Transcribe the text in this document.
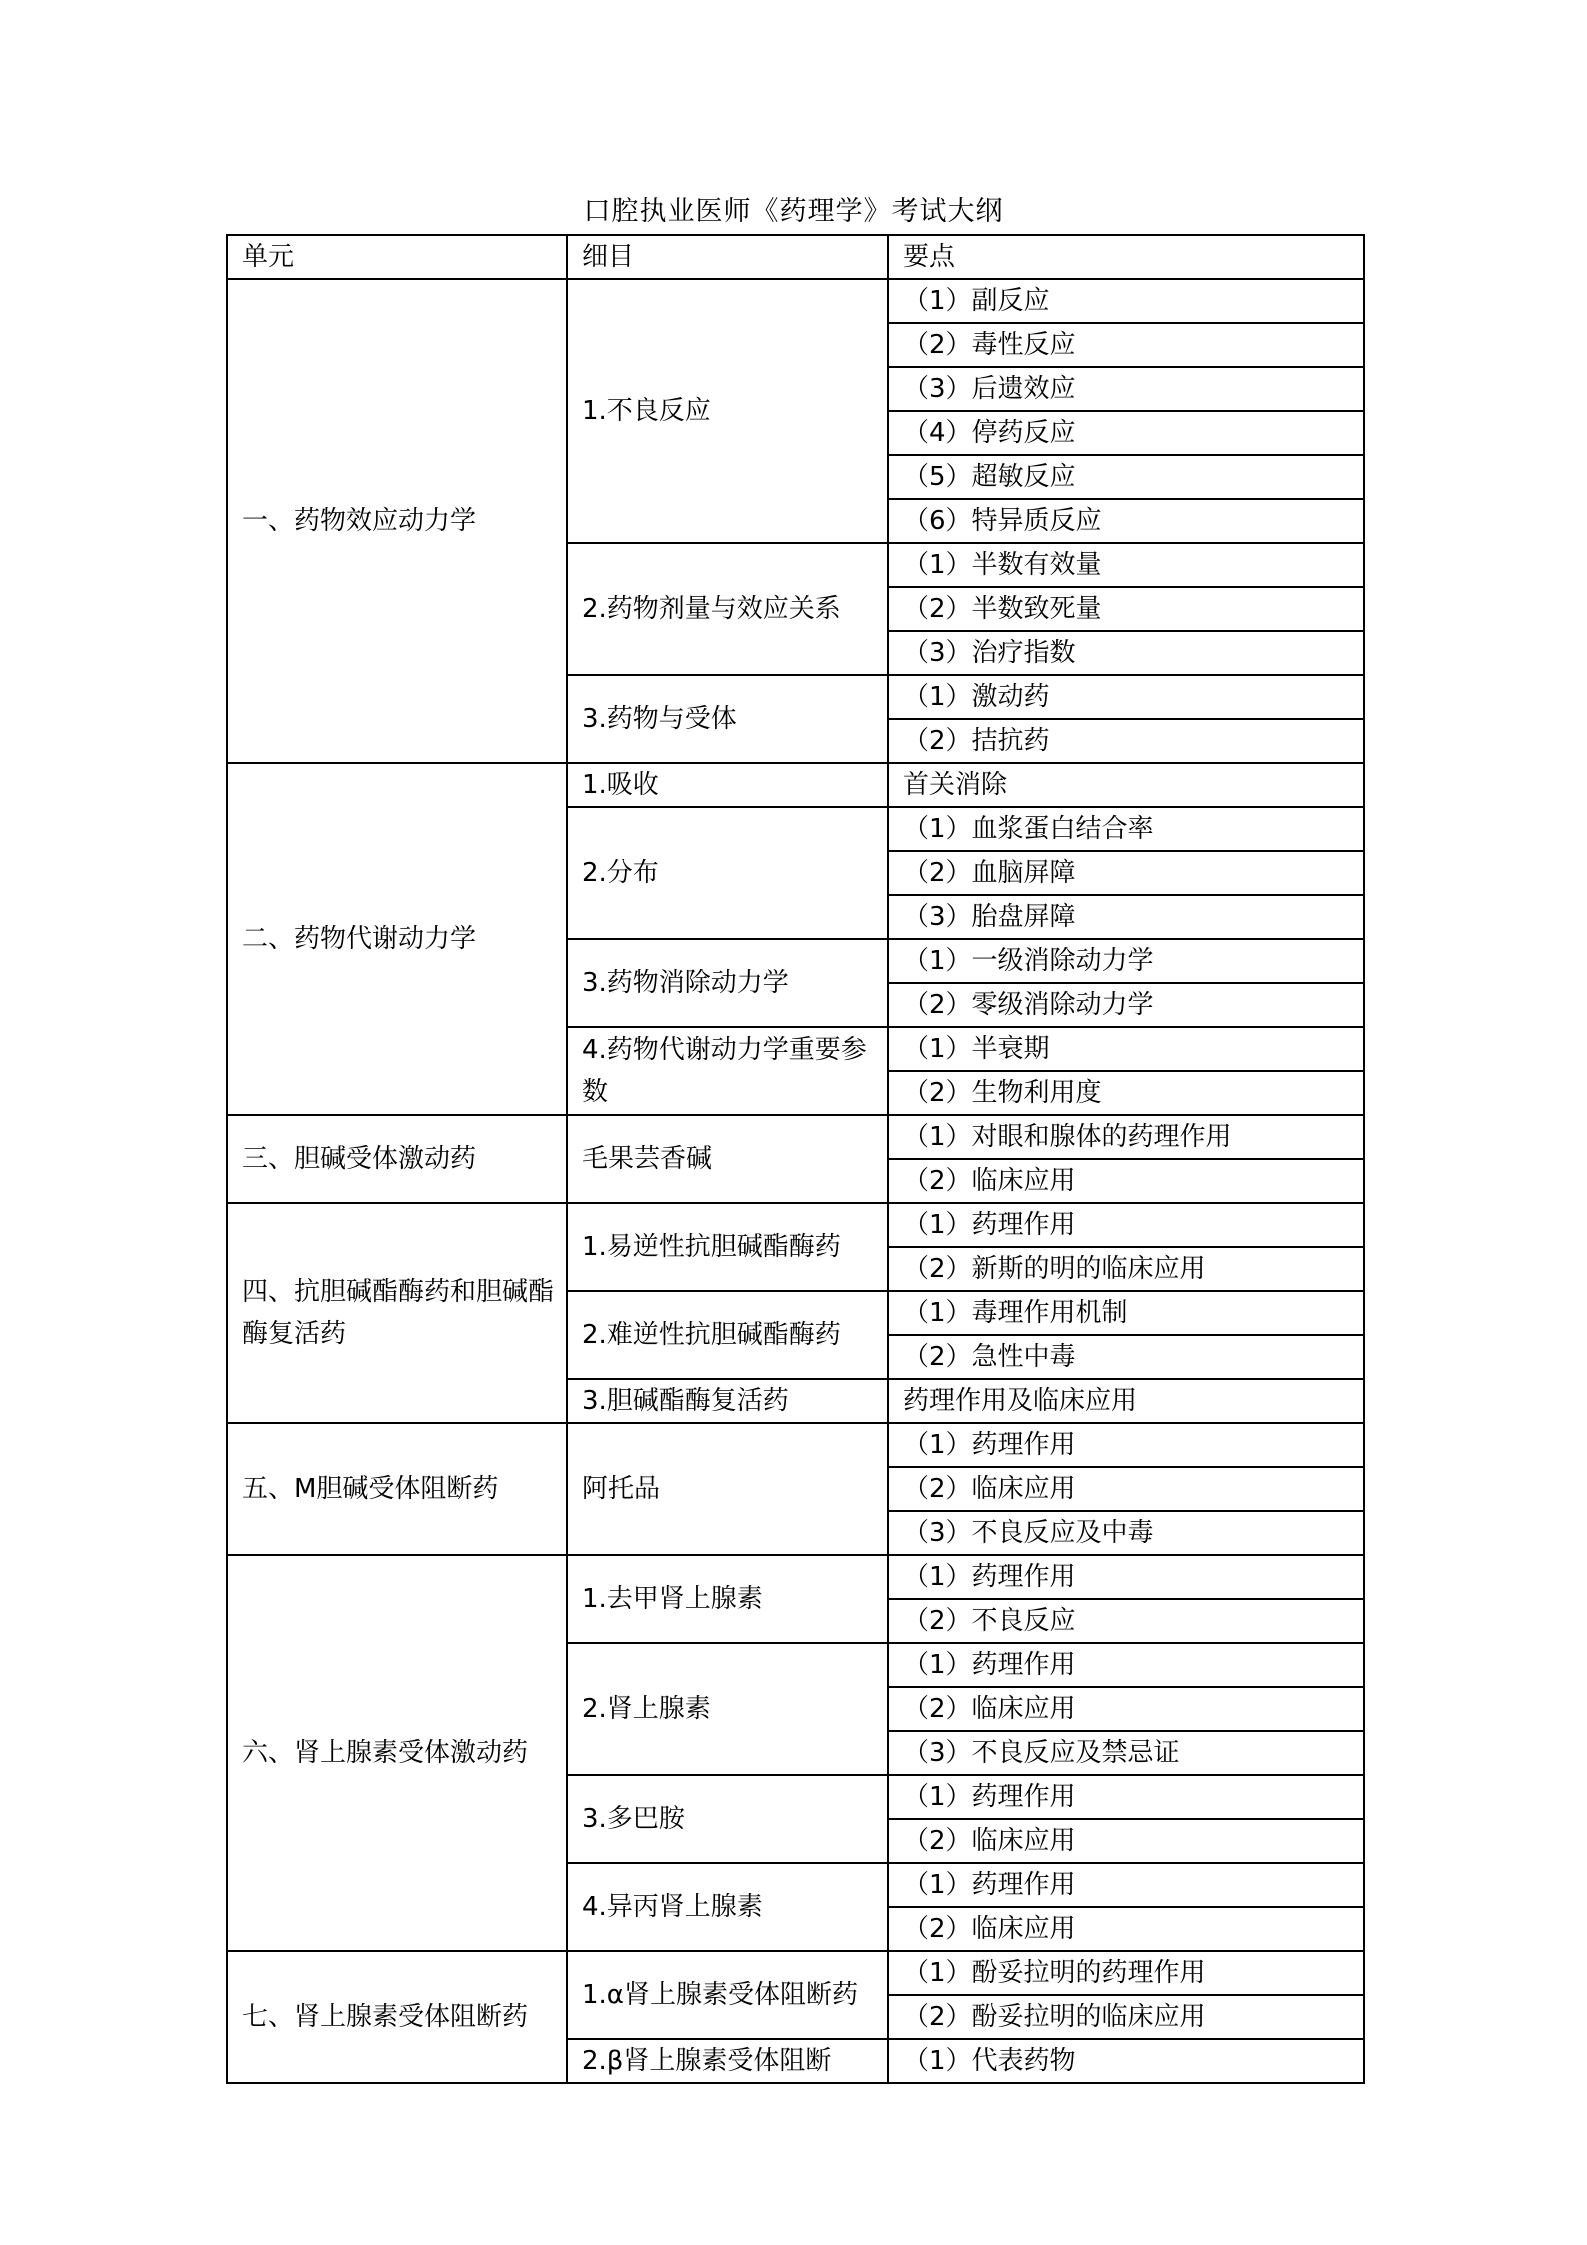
口腔执业医师《药理学》考试大纲
单元	细目	要点
一、药物效应动力学	1.不良反应	（1）副反应
		（2）毒性反应
		（3）后遗效应
		（4）停药反应
		（5）超敏反应
		（6）特异质反应
	2.药物剂量与效应关系	（1）半数有效量
		（2）半数致死量
		（3）治疗指数
	3.药物与受体	（1）激动药
		（2）拮抗药
二、药物代谢动力学	1.吸收	首关消除
	2.分布	（1）血浆蛋白结合率
		（2）血脑屏障
		（3）胎盘屏障
	3.药物消除动力学	（1）一级消除动力学
		（2）零级消除动力学
	4.药物代谢动力学重要参数	（1）半衰期
		（2）生物利用度
三、胆碱受体激动药	毛果芸香碱	（1）对眼和腺体的药理作用
		（2）临床应用
四、抗胆碱酯酶药和胆碱酯酶复活药	1.易逆性抗胆碱酯酶药	（1）药理作用
		（2）新斯的明的临床应用
	2.难逆性抗胆碱酯酶药	（1）毒理作用机制
		（2）急性中毒
	3.胆碱酯酶复活药	药理作用及临床应用
五、M胆碱受体阻断药	阿托品	（1）药理作用
		（2）临床应用
		（3）不良反应及中毒
六、肾上腺素受体激动药	1.去甲肾上腺素	（1）药理作用
		（2）不良反应
	2.肾上腺素	（1）药理作用
		（2）临床应用
		（3）不良反应及禁忌证
	3.多巴胺	（1）药理作用
		（2）临床应用
	4.异丙肾上腺素	（1）药理作用
		（2）临床应用
七、肾上腺素受体阻断药	1.α肾上腺素受体阻断药	（1）酚妥拉明的药理作用
		（2）酚妥拉明的临床应用
	2.β肾上腺素受体阻断	（1）代表药物
